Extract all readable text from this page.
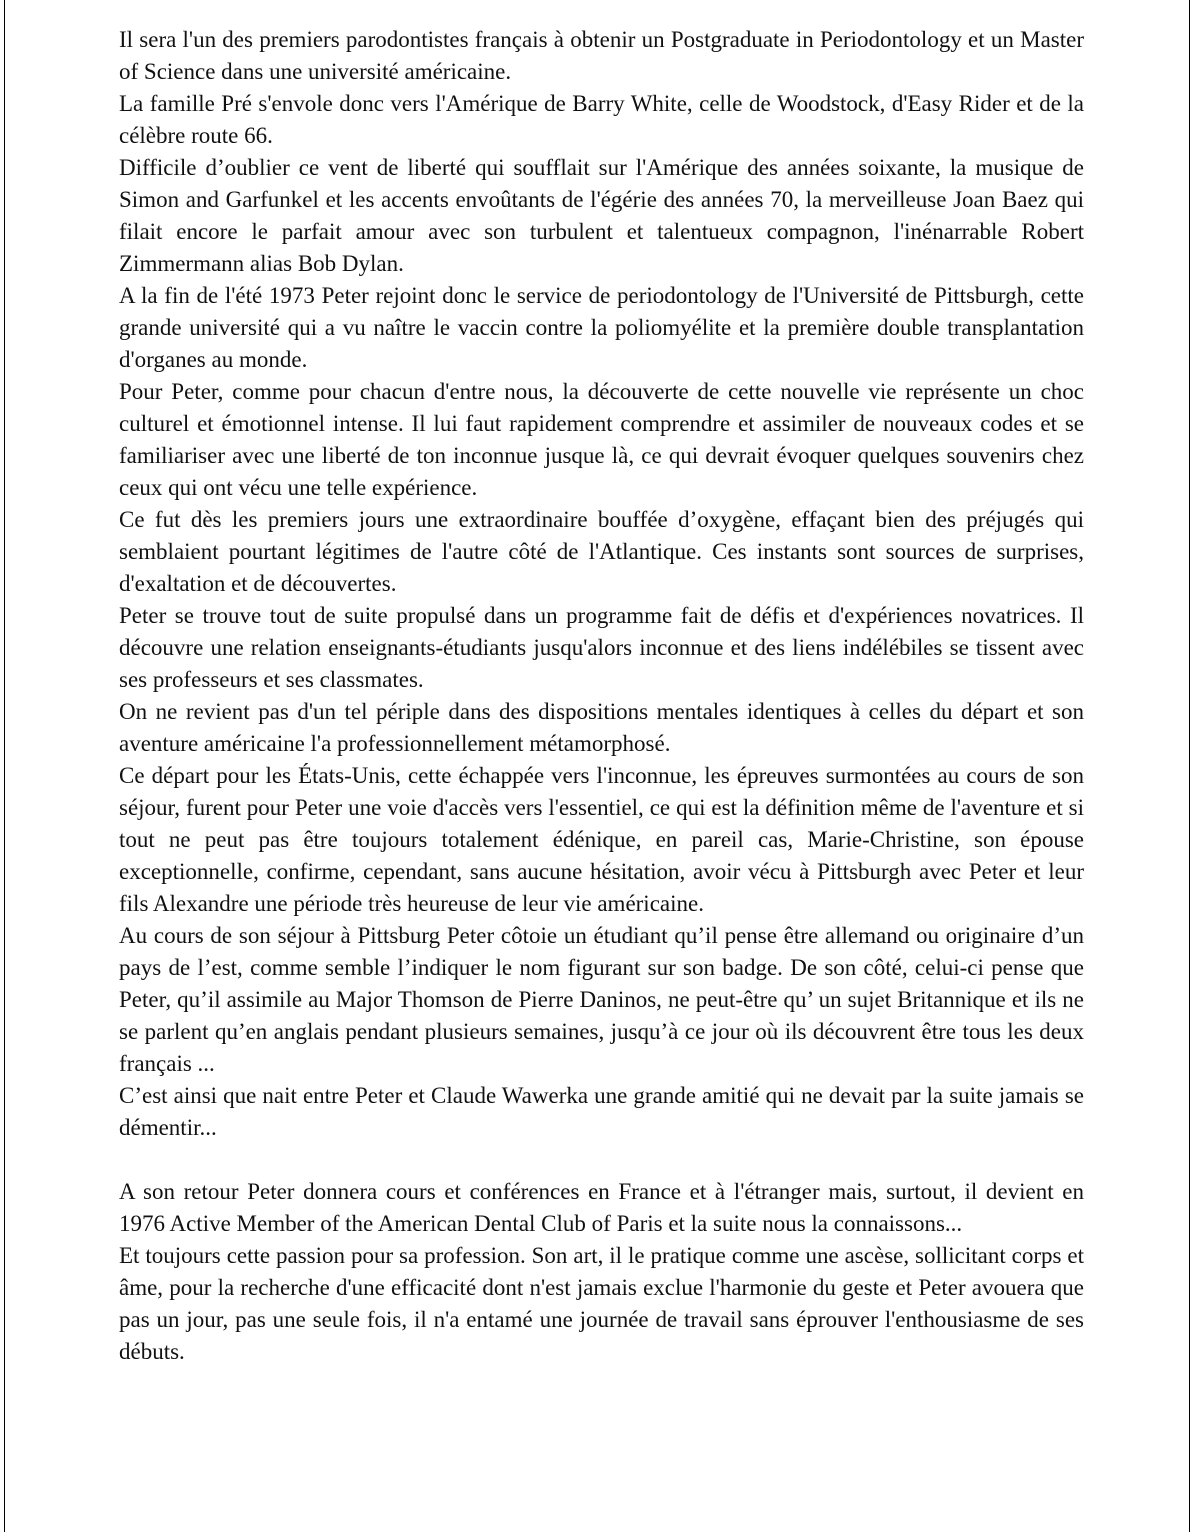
Il sera l'un des premiers parodontistes français à obtenir un Postgraduate in Periodontology et un Master of Science dans une université américaine.

La famille Pré s'envole donc vers l'Amérique de Barry White, celle de Woodstock, d'Easy Rider et de la célèbre route 66.

Difficile d’oublier ce vent de liberté qui soufflait sur l'Amérique des années soixante, la musique de Simon and Garfunkel et les accents envoûtants de l'égérie des années 70, la merveilleuse Joan Baez qui filait encore le parfait amour avec son turbulent et talentueux compagnon, l'inénarrable Robert Zimmermann alias Bob Dylan.

A la fin de l'été 1973 Peter rejoint donc le service de periodontology de l'Université de Pittsburgh, cette grande université qui a vu naître le vaccin contre la poliomyélite et la première double transplantation d'organes au monde.

Pour Peter, comme pour chacun d'entre nous, la découverte de cette nouvelle vie représente un choc culturel et émotionnel intense. Il lui faut rapidement comprendre et assimiler de nouveaux codes et se familiariser avec une liberté de ton inconnue jusque là, ce qui devrait évoquer quelques souvenirs chez ceux qui ont vécu une telle expérience.

Ce fut dès les premiers jours une extraordinaire bouffée d’oxygène, effaçant bien des préjugés qui semblaient pourtant légitimes de l'autre côté de l'Atlantique. Ces instants sont sources de surprises, d'exaltation et de découvertes.

Peter se trouve tout de suite propulsé dans un programme fait de défis et d'expériences novatrices. Il découvre une relation enseignants-étudiants jusqu'alors inconnue et des liens indélébiles se tissent avec ses professeurs et ses classmates.

On ne revient pas d'un tel périple dans des dispositions mentales identiques à celles du départ et son aventure américaine l'a professionnellement métamorphosé.

Ce départ pour les États-Unis, cette échappée vers l'inconnue, les épreuves surmontées au cours de son séjour, furent pour Peter une voie d'accès vers l'essentiel, ce qui est la définition même de l'aventure et si tout ne peut pas être toujours totalement édénique, en pareil cas, Marie-Christine, son épouse exceptionnelle, confirme, cependant, sans aucune hésitation, avoir vécu à Pittsburgh avec Peter et leur fils Alexandre une période très heureuse de leur vie américaine.

Au cours de son séjour à Pittsburg Peter côtoie un étudiant qu’il pense être allemand ou originaire d’un pays de l’est, comme semble l’indiquer le nom figurant sur son badge. De son côté, celui-ci pense que Peter, qu’il assimile au Major Thomson de Pierre Daninos, ne peut-être qu’ un sujet Britannique et ils ne se parlent qu’en anglais pendant plusieurs semaines, jusqu’à ce jour où ils découvrent être tous les deux français ...

C’est ainsi que nait entre Peter et Claude Wawerka une grande amitié qui ne devait par la suite jamais se démentir...

A son retour Peter donnera cours et conférences en France et à l'étranger mais, surtout, il devient en 1976 Active Member of the American Dental Club of Paris et la suite nous la connaissons...

Et toujours cette passion pour sa profession. Son art, il le pratique comme une ascèse, sollicitant corps et âme, pour la recherche d'une efficacité dont n'est jamais exclue l'harmonie du geste et Peter avouera que pas un jour, pas une seule fois, il n'a entamé une journée de travail sans éprouver l'enthousiasme de ses débuts.
